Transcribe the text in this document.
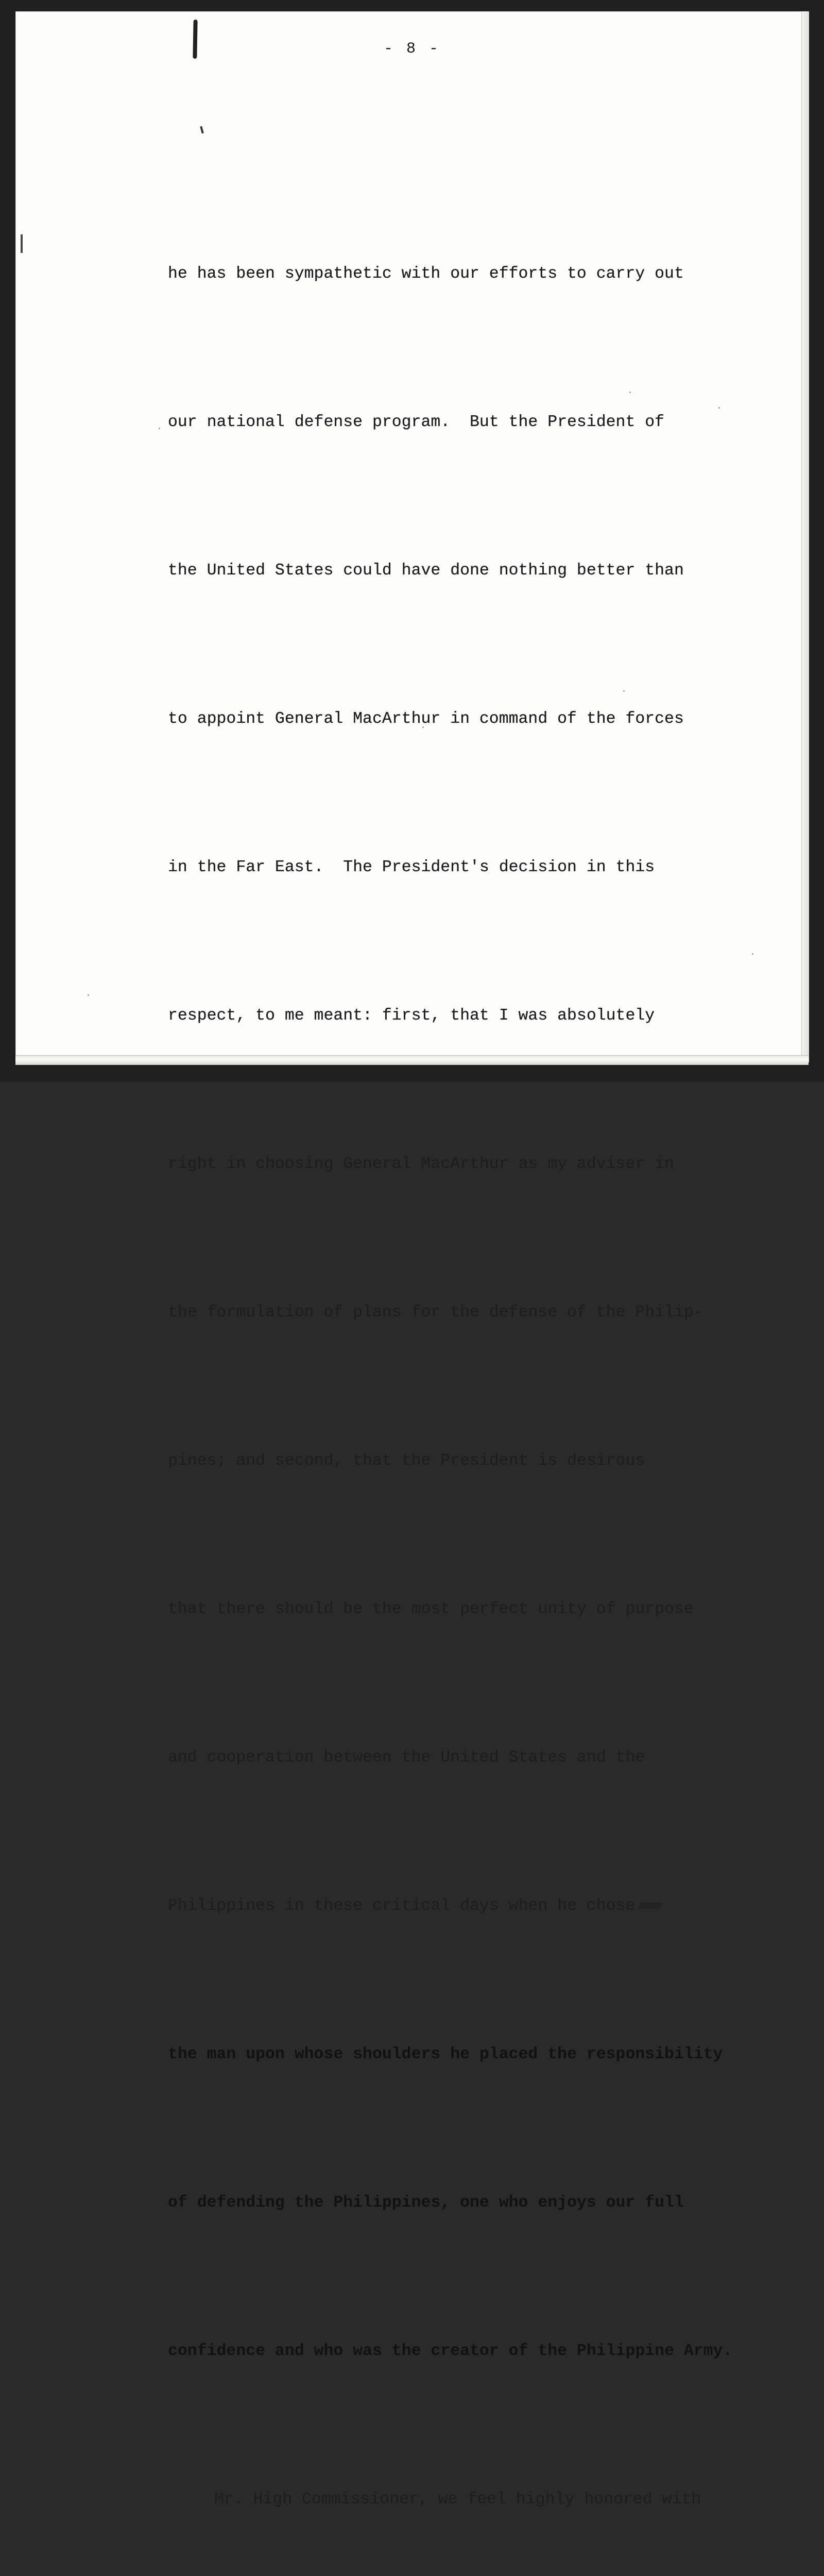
- 8 -

he has been sympathetic with our efforts to carry out

our national defense program.  But the President of

the United States could have done nothing better than

to appoint General MacArthur in command of the forces

in the Far East.  The President's decision in this

respect, to me meant: first, that I was absolutely

right in choosing General MacArthur as my adviser in

the formulation of plans for the defense of the Philip-

pines; and second, that the President is desirous

that there should be the most perfect unity of purpose

and cooperation between the United States and the

Philippines in these critical days when he chose

the man upon whose shoulders he placed the responsibility

of defending the Philippines, one who enjoys our full

confidence and who was the creator of the Philippine Army.

Mr. High Commissioner, we feel highly honored with
